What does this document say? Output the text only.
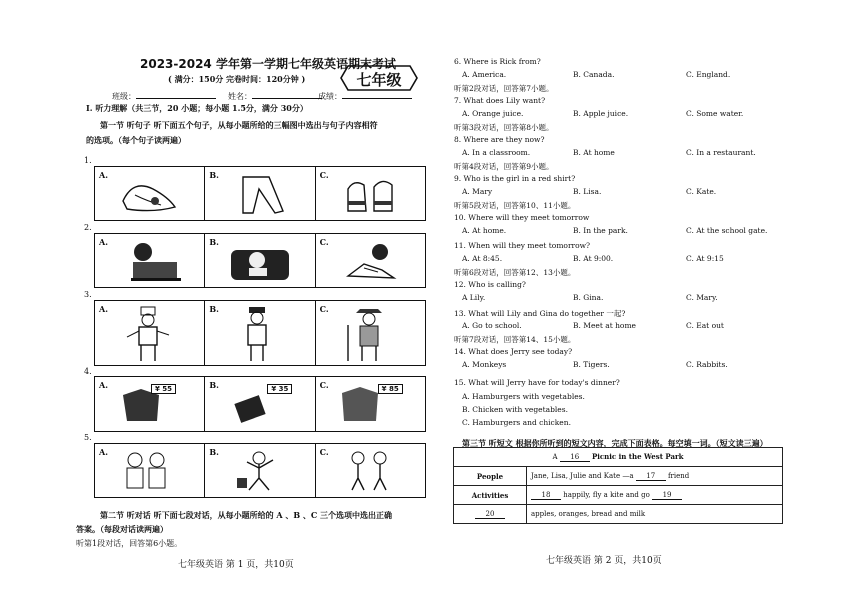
2023-2024 学年第一学期七年级英语期末考试
( 满分：150分 完卷时间：120分钟 )	七年级
班级：	姓名：	成绩：
I. 听力理解（共三节，20 小题；每小题 1.5分，满分 30分）
第一节 听句子 听下面五个句子，从每小题所给的三幅图中选出与句子内容相符
的选项。（每个句子读两遍）
1.
A.	B.	C.
2.
A.	B.	C.
3.
A.	B.	C.
4.
A.	¥ 55	B.	¥ 35	C.	¥ 85
5.
A.	B.	C.
第二节 听对话 听下面七段对话，从每小题所给的 A 、B 、C 三个选项中选出正确
答案。（每段对话读两遍）
听第1段对话，回答第6小题。
七年级英语 第 1 页，共10页
6. Where is Rick from?
A. America.	B. Canada.	C. England.
听第2段对话，回答第7小题。
7. What does Lily want?
A. Orange juice.	B. Apple juice.	C. Some water.
听第3段对话，回答第8小题。
8. Where are they now?
A. In a classroom.	B. At home	C. In a restaurant.
听第4段对话，回答第9小题。
9. Who is the girl in a red shirt?
A. Mary	B. Lisa.	C. Kate.
听第5段对话，回答第10、11小题。
10. Where will they meet tomorrow
A. At home.	B. In the park.	C. At the school gate.
11. When will they meet tomorrow?
A. At 8:45.	B. At 9:00.	C. At 9:15
听第6段对话，回答第12、13小题。
12. Who is calling?
A Lily.	B. Gina.	C. Mary.
13. What will Lily and Gina do together 一起?
A. Go to school.	B. Meet at home	C. Eat out
听第7段对话，回答第14、15小题。
14. What does Jerry see today?
A. Monkeys	B. Tigers.	C. Rabbits.
15. What will Jerry have for today's dinner?
A. Hamburgers with vegetables.
B. Chicken with vegetables.
C. Hamburgers and chicken.
第三节 听短文 根据你所听到的短文内容，完成下面表格。每空填一词。（短文读三遍）
七年级英语 第 2 页，共10页
A 16 Picnic in the West Park	
People	Jane, Lisa, Julie and Kate —a 17 friend
Activities	18 happily, fly a kite and go 19
20	apples, oranges, bread and milk
